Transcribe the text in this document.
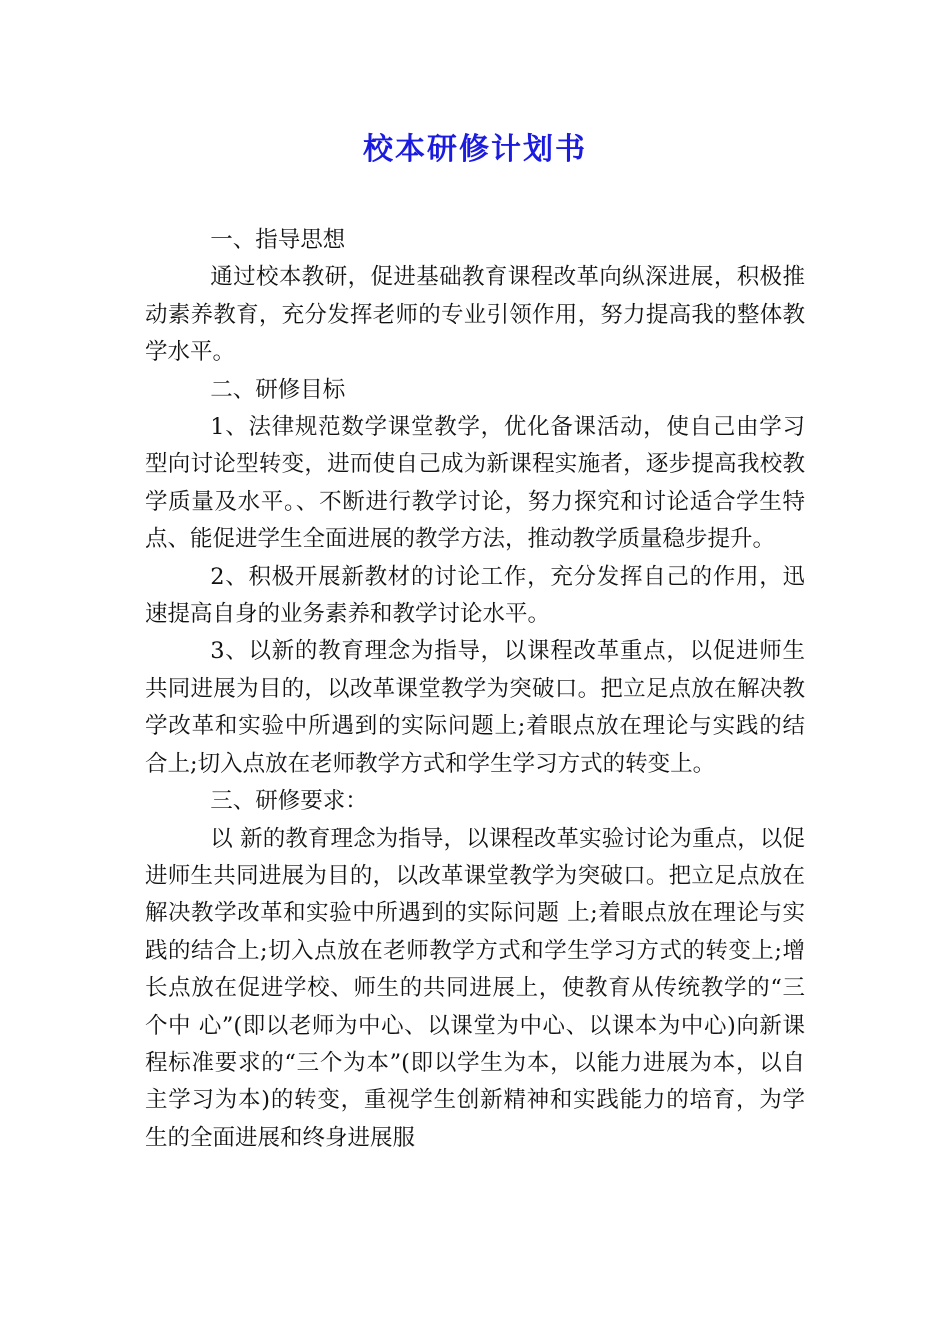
校本研修计划书

一、指导思想

通过校本教研，促进基础教育课程改革向纵深进展，积极推动素养教育，充分发挥老师的专业引领作用，努力提高我的整体教学水平。

二、研修目标

1、法律规范数学课堂教学，优化备课活动，使自己由学习型向讨论型转变，进而使自己成为新课程实施者，逐步提高我校教学质量及水平。、不断进行教学讨论，努力探究和讨论适合学生特点、能促进学生全面进展的教学方法，推动教学质量稳步提升。

2、积极开展新教材的讨论工作，充分发挥自己的作用，迅速提高自身的业务素养和教学讨论水平。

3、以新的教育理念为指导，以课程改革重点，以促进师生共同进展为目的，以改革课堂教学为突破口。把立足点放在解决教学改革和实验中所遇到的实际问题上;着眼点放在理论与实践的结合上;切入点放在老师教学方式和学生学习方式的转变上。

三、研修要求：

以 新的教育理念为指导，以课程改革实验讨论为重点，以促进师生共同进展为目的，以改革课堂教学为突破口。把立足点放在解决教学改革和实验中所遇到的实际问题 上;着眼点放在理论与实践的结合上;切入点放在老师教学方式和学生学习方式的转变上;增长点放在促进学校、师生的共同进展上，使教育从传统教学的“三个中 心”(即以老师为中心、以课堂为中心、以课本为中心)向新课程标准要求的“三个为本”(即以学生为本，以能力进展为本，以自主学习为本)的转变，重视学生创新精神和实践能力的培育，为学生的全面进展和终身进展服
